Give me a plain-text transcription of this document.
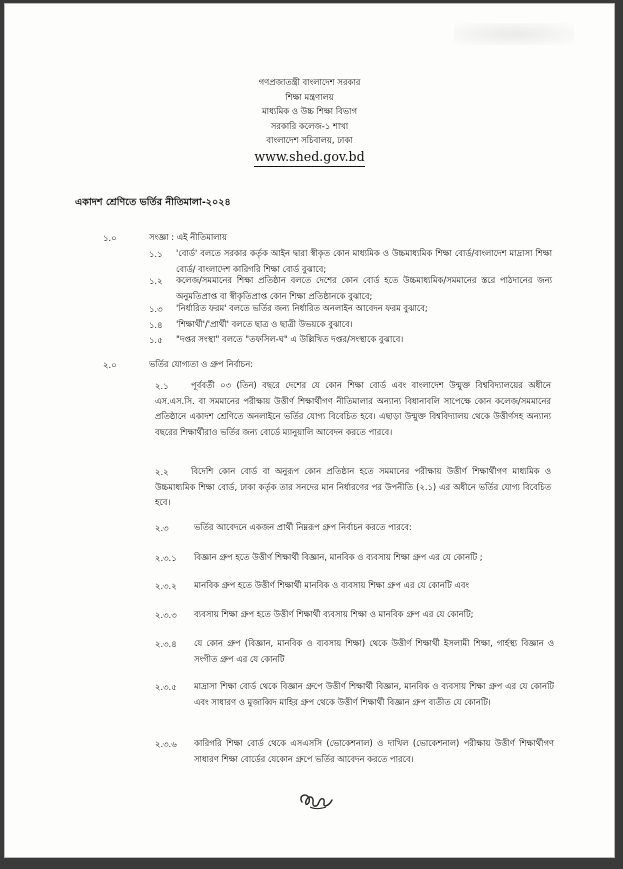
গণপ্রজাতন্ত্রী বাংলাদেশ সরকার
শিক্ষা মন্ত্রণালয়
মাধ্যমিক ও উচ্চ শিক্ষা বিভাগ
সরকারি কলেজ-১ শাখা
বাংলাদেশ সচিবালয়, ঢাকা
www.shed.gov.bd
একাদশ শ্রেণিতে ভর্তির নীতিমালা-২০২৪
১.০	সংজ্ঞা : এই নীতিমালায়
১.১ 'বোর্ড' বলতে সরকার কর্তৃক আইন দ্বারা স্বীকৃত কোন মাধ্যমিক ও উচ্চমাধ্যমিক শিক্ষা বোর্ড/বাংলাদেশ মাদ্রাসা শিক্ষা বোর্ড/ বাংলাদেশ কারিগরি শিক্ষা বোর্ড বুঝাবে;
১.২ কলেজ/সমমানের শিক্ষা প্রতিষ্ঠান বলতে দেশের কোন বোর্ড হতে উচ্চমাধ্যমিক/সমমানের স্তরে পাঠদানের জন্য অনুমতিপ্রাপ্ত বা স্বীকৃতিপ্রাপ্ত কোন শিক্ষা প্রতিষ্ঠানকে বুঝাবে;
১.৩ 'নির্ধারিত ফরম' বলতে ভর্তির জন্য নির্ধারিত অনলাইন আবেদন ফরম বুঝাবে;
১.৪ 'শিক্ষার্থী'/'প্রার্থী' বলতে ছাত্র ও ছাত্রী উভয়কে বুঝাবে।
১.৫ "দপ্তর সংস্থা" বলতে "তফসিল-ঘ" এ উল্লিখিত দপ্তর/সংস্থাকে বুঝাবে।
২.০	ভর্তির যোগ্যতা ও গ্রুপ নির্বাচন:
২.১	পূর্ববর্তী ০৩ (তিন) বছরে দেশের যে কোন শিক্ষা বোর্ড এবং বাংলাদেশ উন্মুক্ত বিশ্ববিদ্যালয়ের অধীনে এস.এস.সি. বা সমমানের পরীক্ষায় উত্তীর্ণ শিক্ষার্থীগণ নীতিমালার অন্যান্য বিধানাবলি সাপেক্ষে কোন কলেজ/সমমানের প্রতিষ্ঠানে একাদশ শ্রেণিতে অনলাইনে ভর্তির যোগ্য বিবেচিত হবে। এছাড়া উন্মুক্ত বিশ্ববিদ্যালয় থেকে উত্তীর্ণসহ অন্যান্য বছরের শিক্ষার্থীরাও ভর্তির জন্য বোর্ডে ম্যানুয়ালি আবেদন করতে পারবে।
২.২	বিদেশি কোন বোর্ড বা অনুরূপ কোন প্রতিষ্ঠান হতে সমমানের পরীক্ষায় উত্তীর্ণ শিক্ষার্থীগণ মাধ্যমিক ও উচ্চমাধ্যমিক শিক্ষা বোর্ড, ঢাকা কর্তৃক তার সনদের মান নির্ধারণের পর উপনীতি (২.১) এর অধীনে ভর্তির যোগ্য বিবেচিত হবে।
২.৩	ভর্তির আবেদনে একজন প্রার্থী নিম্নরূপ গ্রুপ নির্বাচন করতে পারবে:
২.৩.১ বিজ্ঞান গ্রুপ হতে উত্তীর্ণ শিক্ষার্থী বিজ্ঞান, মানবিক ও ব্যবসায় শিক্ষা গ্রুপ এর যে কোনটি ;
২.৩.২ মানবিক গ্রুপ হতে উত্তীর্ণ শিক্ষার্থী মানবিক ও ব্যবসায় শিক্ষা গ্রুপ এর যে কোনটি এবং
২.৩.৩ ব্যবসায় শিক্ষা গ্রুপ হতে উত্তীর্ণ শিক্ষার্থী ব্যবসায় শিক্ষা ও মানবিক গ্রুপ এর যে কোনটি;
২.৩.৪ যে কোন গ্রুপ (বিজ্ঞান, মানবিক ও ব্যবসায় শিক্ষা) থেকে উত্তীর্ণ শিক্ষার্থী ইসলামী শিক্ষা, গার্হস্থ্য বিজ্ঞান ও সংগীত গ্রুপ এর যে কোনটি
২.৩.৫ মাদ্রাসা শিক্ষা বোর্ড থেকে বিজ্ঞান গ্রুপে উত্তীর্ণ শিক্ষার্থী বিজ্ঞান, মানবিক ও ব্যবসায় শিক্ষা গ্রুপ এর যে কোনটি এবং সাধারণ ও মুজাব্বিদ মাহির গ্রুপ থেকে উত্তীর্ণ শিক্ষার্থী বিজ্ঞান গ্রুপ ব্যতীত যে কোনটি।
২.৩.৬ কারিগরি শিক্ষা বোর্ড থেকে এসএসসি (ভোকেশনাল) ও দাখিল (ভোকেশনাল) পরীক্ষায় উত্তীর্ণ শিক্ষার্থীগণ সাধারণ শিক্ষা বোর্ডের যেকোন গ্রুপে ভর্তির আবেদন করতে পারবে।
